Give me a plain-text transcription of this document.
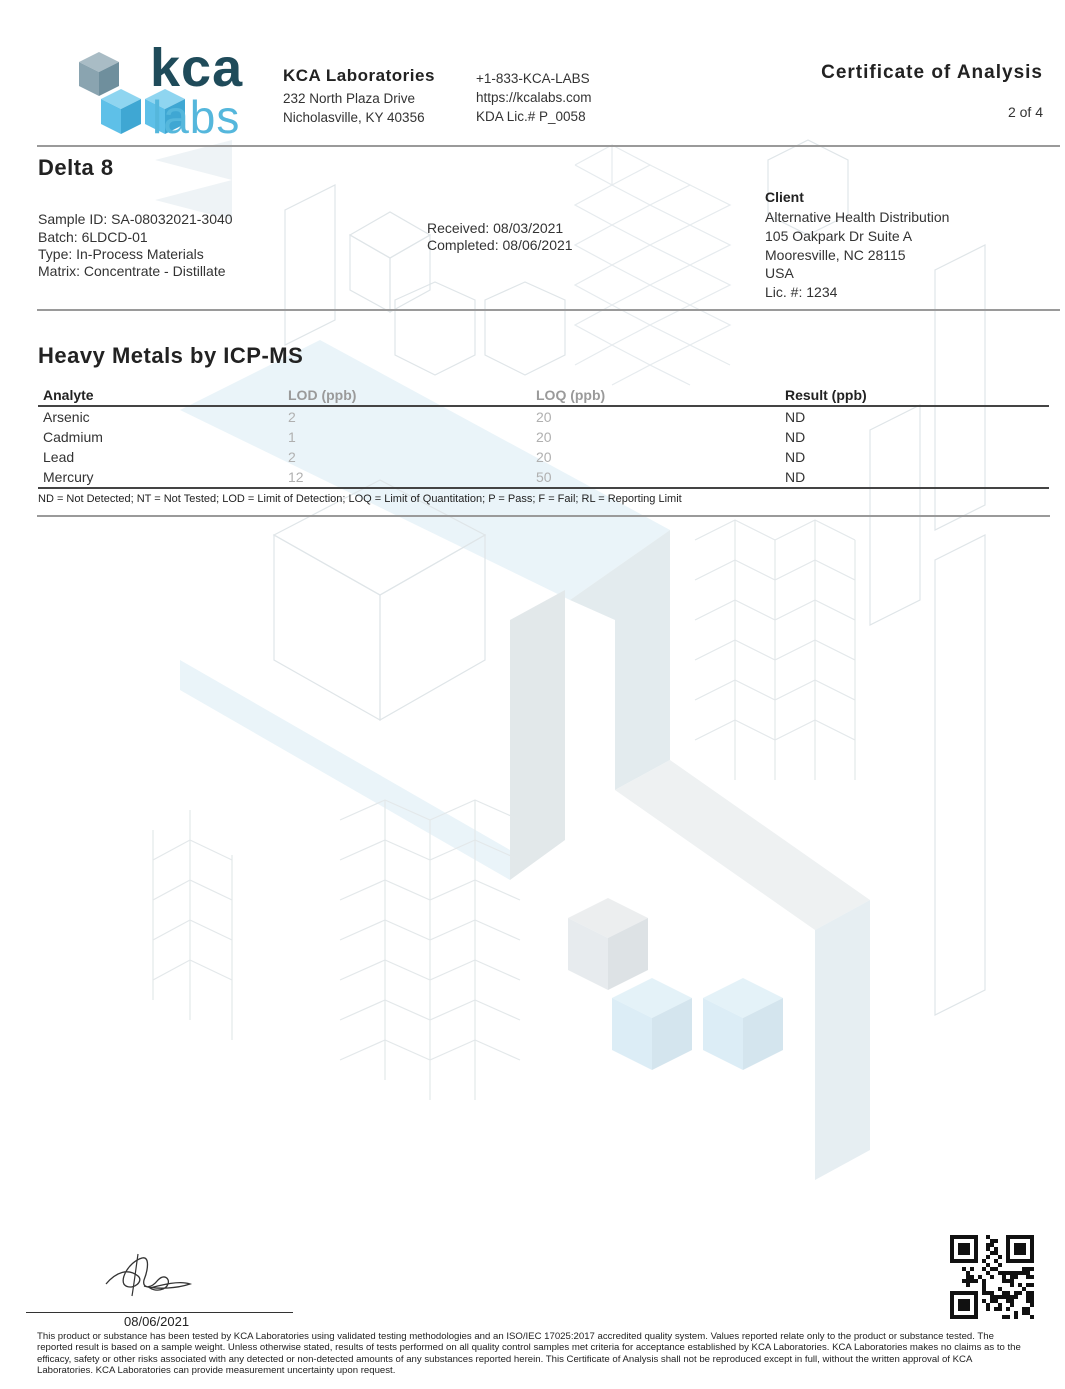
kca
labs
KCA Laboratories
232 North Plaza Drive
Nicholasville, KY 40356
+1-833-KCA-LABS
https://kcalabs.com
KDA Lic.# P_0058
Certificate of Analysis
2 of 4
Delta 8
Sample ID: SA-08032021-3040
Batch: 6LDCD-01
Type: In-Process Materials
Matrix: Concentrate - Distillate
Received: 08/03/2021
Completed: 08/06/2021
Client
Alternative Health Distribution
105 Oakpark Dr Suite A
Mooresville, NC 28115
USA
Lic. #: 1234
Heavy Metals by ICP-MS
Analyte	LOD (ppb)	LOQ (ppb)	Result (ppb)
Arsenic	2	20	ND
Cadmium	1	20	ND
Lead	2	20	ND
Mercury	12	50	ND
ND = Not Detected; NT = Not Tested; LOD = Limit of Detection; LOQ = Limit of Quantitation; P = Pass; F = Fail; RL = Reporting Limit
08/06/2021
This product or substance has been tested by KCA Laboratories using validated testing methodologies and an ISO/IEC 17025:2017 accredited quality system. Values reported relate only to the product or substance tested. The reported result is based on a sample weight. Unless otherwise stated, results of tests performed on all quality control samples met criteria for acceptance established by KCA Laboratories. KCA Laboratories makes no claims as to the efficacy, safety or other risks associated with any detected or non-detected amounts of any substances reported herein. This Certificate of Analysis shall not be reproduced except in full, without the written approval of KCA Laboratories. KCA Laboratories can provide measurement uncertainty upon request.
